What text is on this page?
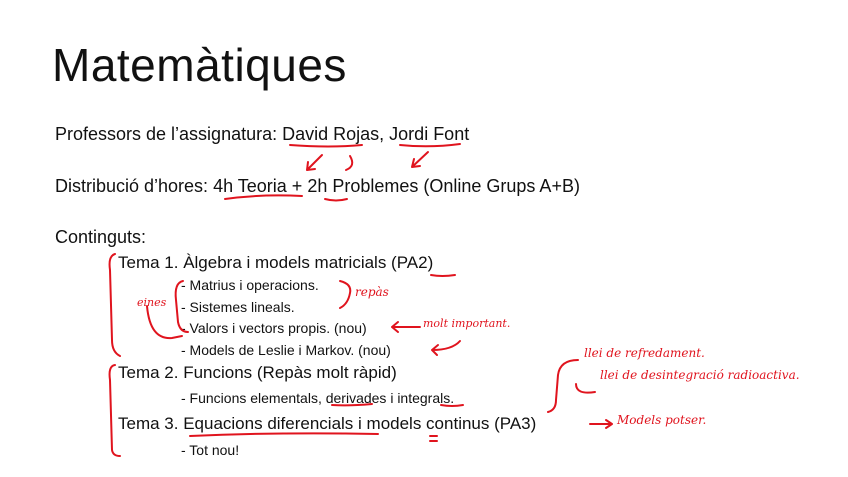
Matemàtiques
Professors de l’assignatura: David Rojas, Jordi Font
Distribució d’hores: 4h Teoria + 2h Problemes (Online Grups A+B)
Continguts:
Tema 1. Àlgebra i models matricials (PA2)
- Matrius i operacions.
- Sistemes lineals.
- Valors i vectors propis. (nou)
- Models de Leslie i Markov. (nou)
Tema 2. Funcions (Repàs molt ràpid)
- Funcions elementals, derivades i integrals.
Tema 3. Equacions diferencials i models continus (PA3)
- Tot nou!
eines
repàs
molt important.
llei de refredament.
llei de desintegració radioactiva.
Models potser.
